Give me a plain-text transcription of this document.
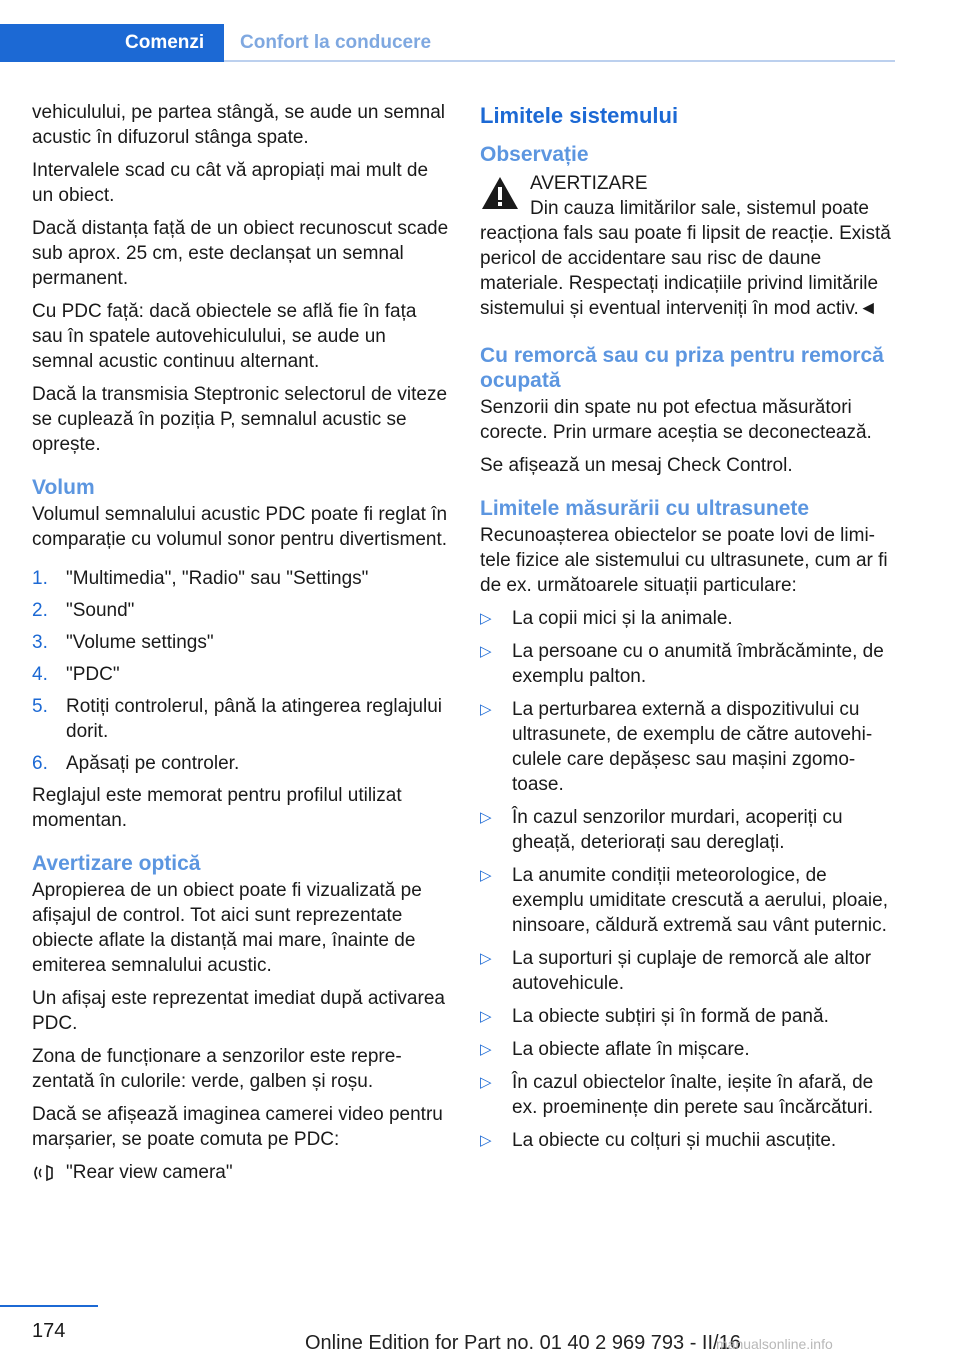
Comenzi	Confort la conducere

vehiculului, pe partea stângă, se aude un semnal acustic în difuzorul stânga spate.

Intervalele scad cu cât vă apropiați mai mult de un obiect.

Dacă distanța față de un obiect recunoscut scade sub aprox. 25 cm, este declanșat un semnal permanent.

Cu PDC față: dacă obiectele se află fie în fața sau în spatele autovehiculului, se aude un semnal acustic continuu alternant.

Dacă la transmisia Steptronic selectorul de viteze se cuplează în poziția P, semnalul acustic se oprește.

Volum

Volumul semnalului acustic PDC poate fi reglat în comparație cu volumul sonor pentru divertisment.

1. "Multimedia", "Radio" sau "Settings"
2. "Sound"
3. "Volume settings"
4. "PDC"
5. Rotiți controlerul, până la atingerea reglajului dorit.
6. Apăsați pe controler.

Reglajul este memorat pentru profilul utilizat momentan.

Avertizare optică

Apropierea de un obiect poate fi vizualizată pe afișajul de control. Tot aici sunt reprezentate obiecte aflate la distanță mai mare, înainte de emiterea semnalului acustic.

Un afișaj este reprezentat imediat după activarea PDC.

Zona de funcționare a senzorilor este reprezentată în culorile: verde, galben și roșu.

Dacă se afișează imaginea camerei video pentru marșarier, se poate comuta pe PDC:

"Rear view camera"
Limitele sistemului
Observație
AVERTIZARE
Din cauza limitărilor sale, sistemul poate reacționa fals sau poate fi lipsit de reacție. Există pericol de accidentare sau risc de daune materiale. Respectați indicațiile privind limitările sistemului și eventual interveniți în mod activ.◄
Cu remorcă sau cu priza pentru remorcă ocupată

Senzorii din spate nu pot efectua măsurători corecte. Prin urmare aceștia se deconectează.

Se afișează un mesaj Check Control.

Limitele măsurării cu ultrasunete

Recunoașterea obiectelor se poate lovi de limitele fizice ale sistemului cu ultrasunete, cum ar fi de ex. următoarele situații particulare:

▷ La copii mici și la animale.
▷ La persoane cu o anumită îmbrăcăminte, de exemplu palton.
▷ La perturbarea externă a dispozitivului cu ultrasunete, de exemplu de către autovehiculele care depășesc sau mașini zgomotoase.
▷ În cazul senzorilor murdari, acoperiți cu gheață, deteriorați sau dereglați.
▷ La anumite condiții meteorologice, de exemplu umiditate crescută a aerului, ploaie, ninsoare, căldură extremă sau vânt puternic.
▷ La suporturi și cuplaje de remorcă ale altor autovehicule.
▷ La obiecte subțiri și în formă de pană.
▷ La obiecte aflate în mișcare.
▷ În cazul obiectelor înalte, ieșite în afară, de ex. proeminențe din perete sau încărcături.
▷ La obiecte cu colțuri și muchii ascuțite.
174
Online Edition for Part no. 01 40 2 969 793 - II/16
manualsonline.info
